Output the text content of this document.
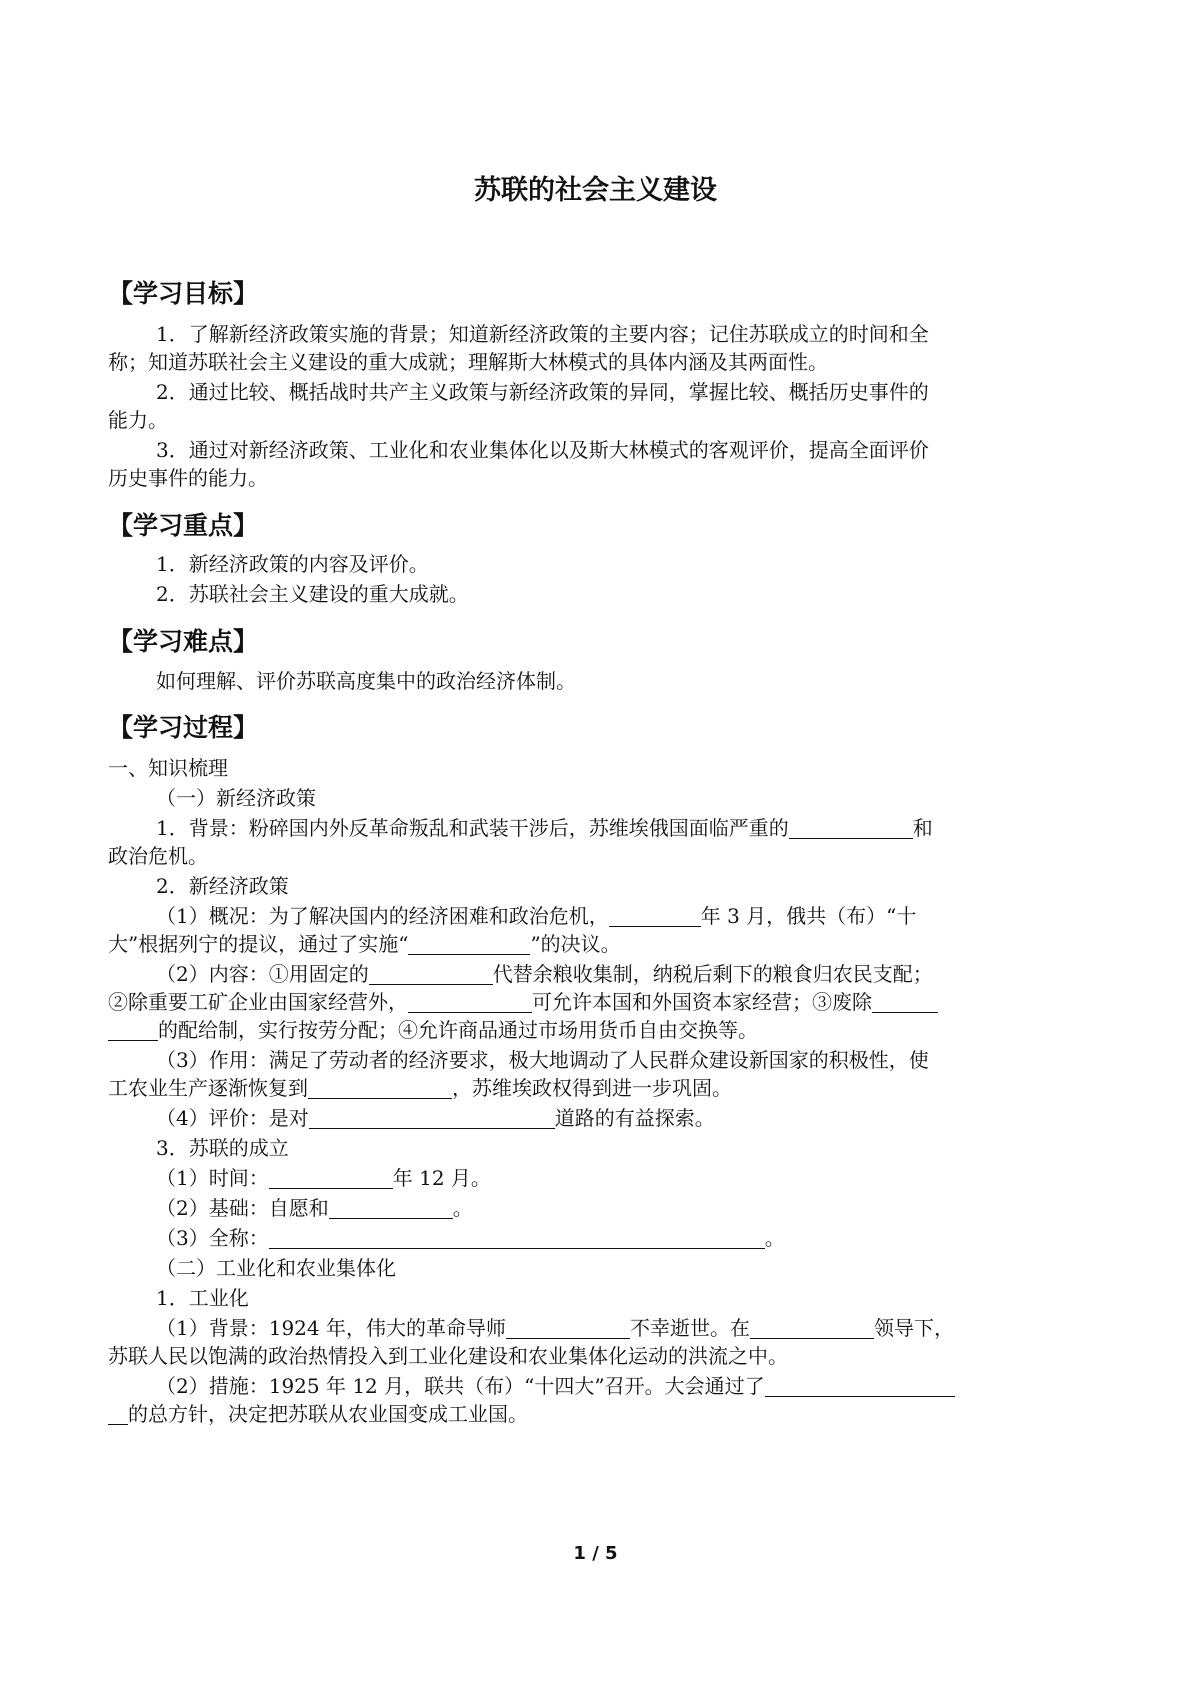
苏联的社会主义建设
【学习目标】
1．了解新经济政策实施的背景；知道新经济政策的主要内容；记住苏联成立的时间和全
称；知道苏联社会主义建设的重大成就；理解斯大林模式的具体内涵及其两面性。
2．通过比较、概括战时共产主义政策与新经济政策的异同，掌握比较、概括历史事件的
能力。
3．通过对新经济政策、工业化和农业集体化以及斯大林模式的客观评价，提高全面评价
历史事件的能力。
【学习重点】
1．新经济政策的内容及评价。
2．苏联社会主义建设的重大成就。
【学习难点】
如何理解、评价苏联高度集中的政治经济体制。
【学习过程】
一、知识梳理
（一）新经济政策
1．背景：粉碎国内外反革命叛乱和武装干涉后，苏维埃俄国面临严重的	和
政治危机。
2．新经济政策
（1）概况：为了解决国内的经济困难和政治危机，	年 3 月，俄共（布）“十
大”根据列宁的提议，通过了实施“	”的决议。
（2）内容：①用固定的	代替余粮收集制，纳税后剩下的粮食归农民支配；
②除重要工矿企业由国家经营外，	可允许本国和外国资本家经营；③废除
的配给制，实行按劳分配；④允许商品通过市场用货币自由交换等。
（3）作用：满足了劳动者的经济要求，极大地调动了人民群众建设新国家的积极性，使
工农业生产逐渐恢复到	，苏维埃政权得到进一步巩固。
（4）评价：是对	道路的有益探索。
3．苏联的成立
（1）时间：	年 12 月。
（2）基础：自愿和	。
（3）全称：	。
（二）工业化和农业集体化
1．工业化
（1）背景：1924 年，伟大的革命导师	不幸逝世。在	领导下，
苏联人民以饱满的政治热情投入到工业化建设和农业集体化运动的洪流之中。
（2）措施：1925 年 12 月，联共（布）“十四大”召开。大会通过了
的总方针，决定把苏联从农业国变成工业国。
1 / 5
